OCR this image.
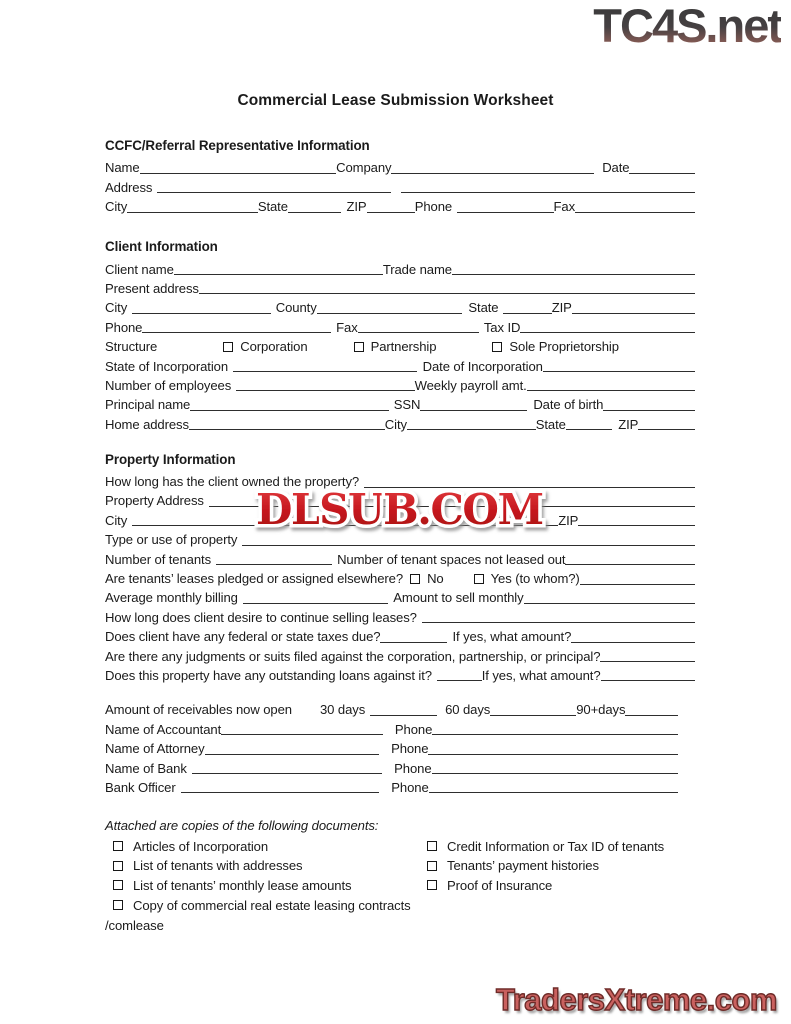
TC4S.net
Commercial Lease Submission Worksheet
CCFC/Referral Representative Information
Name	Company	Date
Address
City	State	ZIP	Phone	Fax
Client Information
Client name	Trade name
Present address
City	County	State	ZIP
Phone	Fax	Tax ID
Structure	Corporation	Partnership	Sole Proprietorship
State of Incorporation	Date of Incorporation
Number of employees	Weekly payroll amt.
Principal name	SSN	Date of birth
Home address	City	State	ZIP
Property Information
How long has the client owned the property?
Property Address
City	ZIP
Type or use of property
Number of tenants	Number of tenant spaces not leased out
Are tenants’ leases pledged or assigned elsewhere? No	Yes (to whom?)
Average monthly billing	Amount to sell monthly
How long does client desire to continue selling leases?
Does client have any federal or state taxes due?	If yes, what amount?
Are there any judgments or suits filed against the corporation, partnership, or principal?
Does this property have any outstanding loans against it?	If yes, what amount?
Amount of receivables now open 30 days	60 days	90+days
Name of Accountant	Phone
Name of Attorney	Phone
Name of Bank	Phone
Bank Officer	Phone
Attached are copies of the following documents:
Articles of Incorporation
List of tenants with addresses
List of tenants’ monthly lease amounts
Copy of commercial real estate leasing contracts
Credit Information or Tax ID of tenants
Tenants’ payment histories
Proof of Insurance
/comlease
DLSUB.COM
TradersXtreme.com
